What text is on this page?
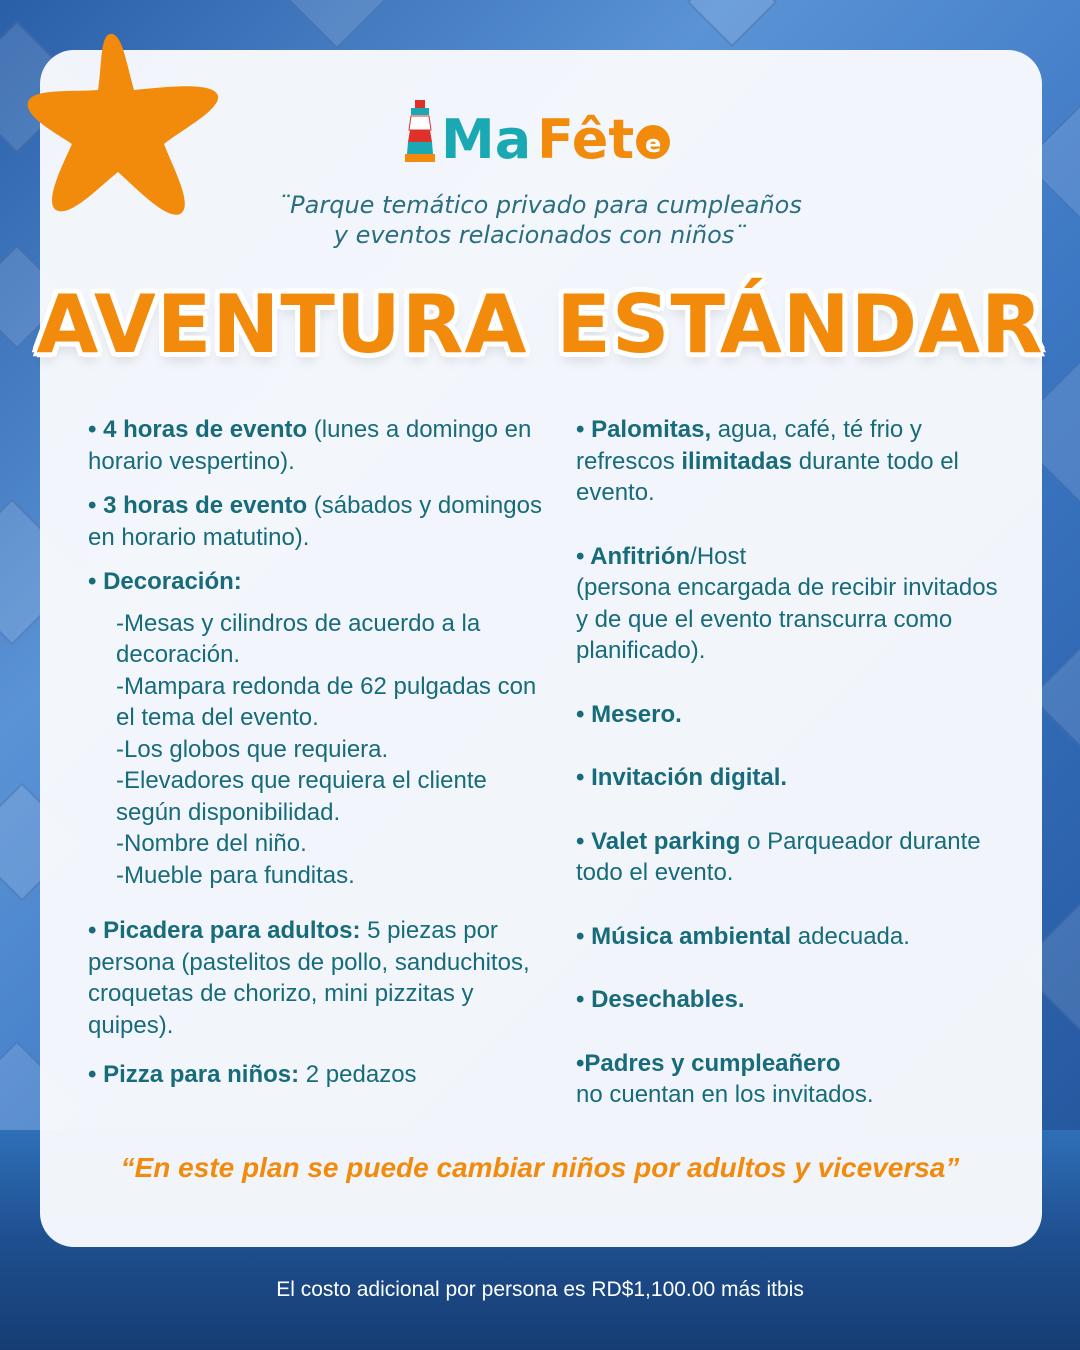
Ma Fêt e
¨Parque temático privado para cumpleaños
y eventos relacionados con niños¨
AVENTURA ESTÁNDAR

• 4 horas de evento (lunes a domingo en horario vespertino).

• 3 horas de evento (sábados y domingos en horario matutino).

• Decoración:

-Mesas y cilindros de acuerdo a la decoración.
-Mampara redonda de 62 pulgadas con el tema del evento.
-Los globos que requiera.
-Elevadores que requiera el cliente según disponibilidad.
-Nombre del niño.
-Mueble para funditas.

• Picadera para adultos: 5 piezas por persona (pastelitos de pollo, sanduchitos, croquetas de chorizo, mini pizzitas y quipes).

• Pizza para niños: 2 pedazos

• Palomitas, agua, café, té frio y refrescos ilimitadas durante todo el evento.

• Anfitrión/Host
(persona encargada de recibir invitados y de que el evento transcurra como planificado).

• Mesero.

• Invitación digital.

• Valet parking o Parqueador durante todo el evento.

• Música ambiental adecuada.

• Desechables.

•Padres y cumpleañero
no cuentan en los invitados.

“En este plan se puede cambiar niños por adultos y viceversa”
El costo adicional por persona es RD$1,100.00 más itbis
